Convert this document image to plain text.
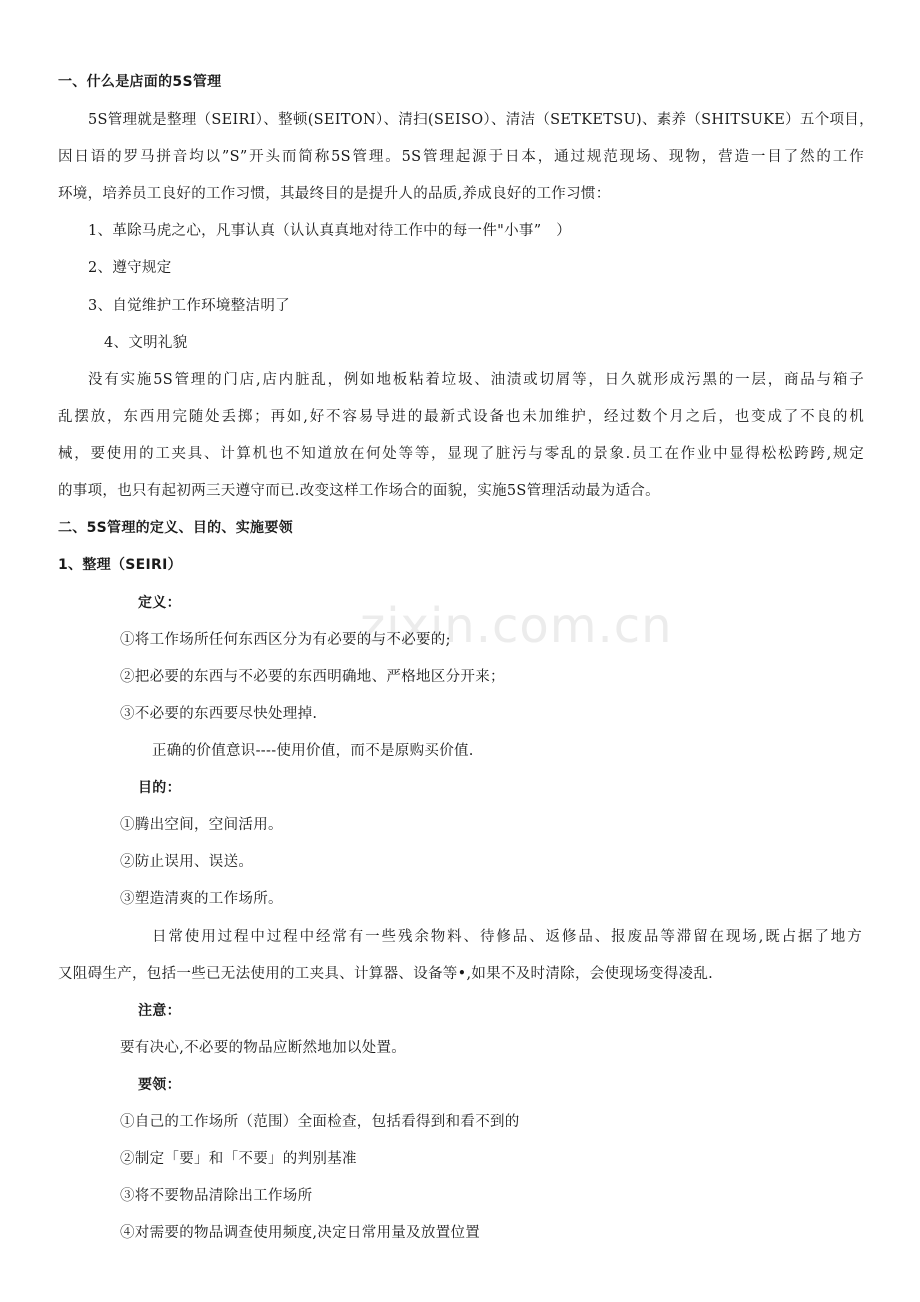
zixin.com.cn
一、什么是店面的5S管理
5S管理就是整理（SEIRI）、整顿(SEITON）、清扫(SEISO）、清洁（SETKETSU)、素养（SHITSUKE）五个项目，
因日语的罗马拼音均以”S”开头而简称5S管理。5S管理起源于日本，通过规范现场、现物，营造一目了然的工作
环境，培养员工良好的工作习惯，其最终目的是提升人的品质,养成良好的工作习惯：
1、革除马虎之心，凡事认真（认认真真地对待工作中的每一件"小事”　）
2、遵守规定
3、自觉维护工作环境整洁明了
4、文明礼貌
没有实施5S管理的门店,店内脏乱，例如地板粘着垃圾、油渍或切屑等，日久就形成污黑的一层，商品与箱子
乱摆放，东西用完随处丢掷；再如,好不容易导进的最新式设备也未加维护，经过数个月之后，也变成了不良的机
械，要使用的工夹具、计算机也不知道放在何处等等，显现了脏污与零乱的景象.员工在作业中显得松松跨跨,规定
的事项，也只有起初两三天遵守而已.改变这样工作场合的面貌，实施5S管理活动最为适合。
二、5S管理的定义、目的、实施要领
1、整理（SEIRI）
定义：
①将工作场所任何东西区分为有必要的与不必要的;
②把必要的东西与不必要的东西明确地、严格地区分开来；
③不必要的东西要尽快处理掉.
正确的价值意识----使用价值，而不是原购买价值.
目的：
①腾出空间，空间活用。
②防止误用、误送。
③塑造清爽的工作场所。
日常使用过程中过程中经常有一些残余物料、待修品、返修品、报废品等滞留在现场,既占据了地方
又阻碍生产，包括一些已无法使用的工夹具、计算器、设备等•,如果不及时清除，会使现场变得凌乱.
注意：
要有决心,不必要的物品应断然地加以处置。
要领：
①自己的工作场所（范围）全面检查，包括看得到和看不到的
②制定「要」和「不要」的判别基准
③将不要物品清除出工作场所
④对需要的物品调查使用频度,决定日常用量及放置位置
